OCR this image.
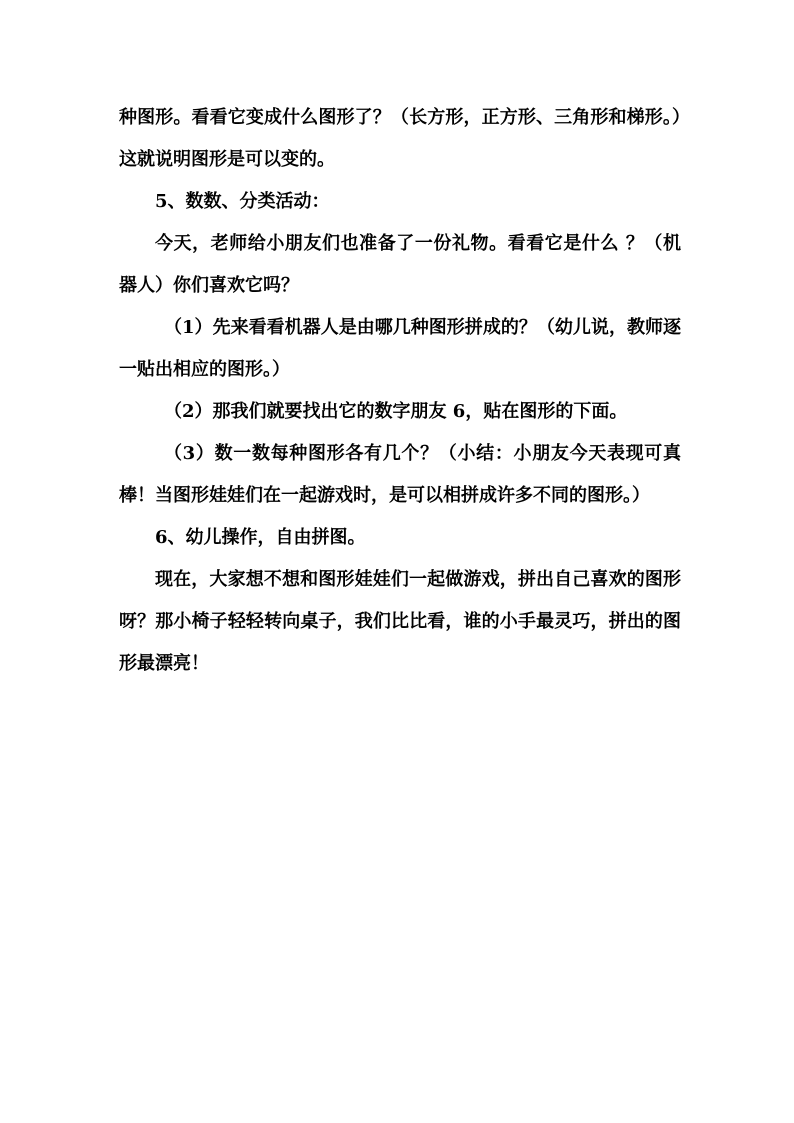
种图形。看看它变成什么图形了？（长方形，正方形、三角形和梯形。）这就说明图形是可以变的。

5、数数、分类活动：

今天，老师给小朋友们也准备了一份礼物。看看它是什么 ？（机器人）你们喜欢它吗？

（1）先来看看机器人是由哪几种图形拼成的？（幼儿说，教师逐一贴出相应的图形。）

（2）那我们就要找出它的数字朋友 6，贴在图形的下面。

（3）数一数每种图形各有几个？（小结：小朋友今天表现可真棒！当图形娃娃们在一起游戏时，是可以相拼成许多不同的图形。）

6、幼儿操作，自由拼图。

现在，大家想不想和图形娃娃们一起做游戏，拼出自己喜欢的图形呀？那小椅子轻轻转向桌子，我们比比看，谁的小手最灵巧，拼出的图形最漂亮！
